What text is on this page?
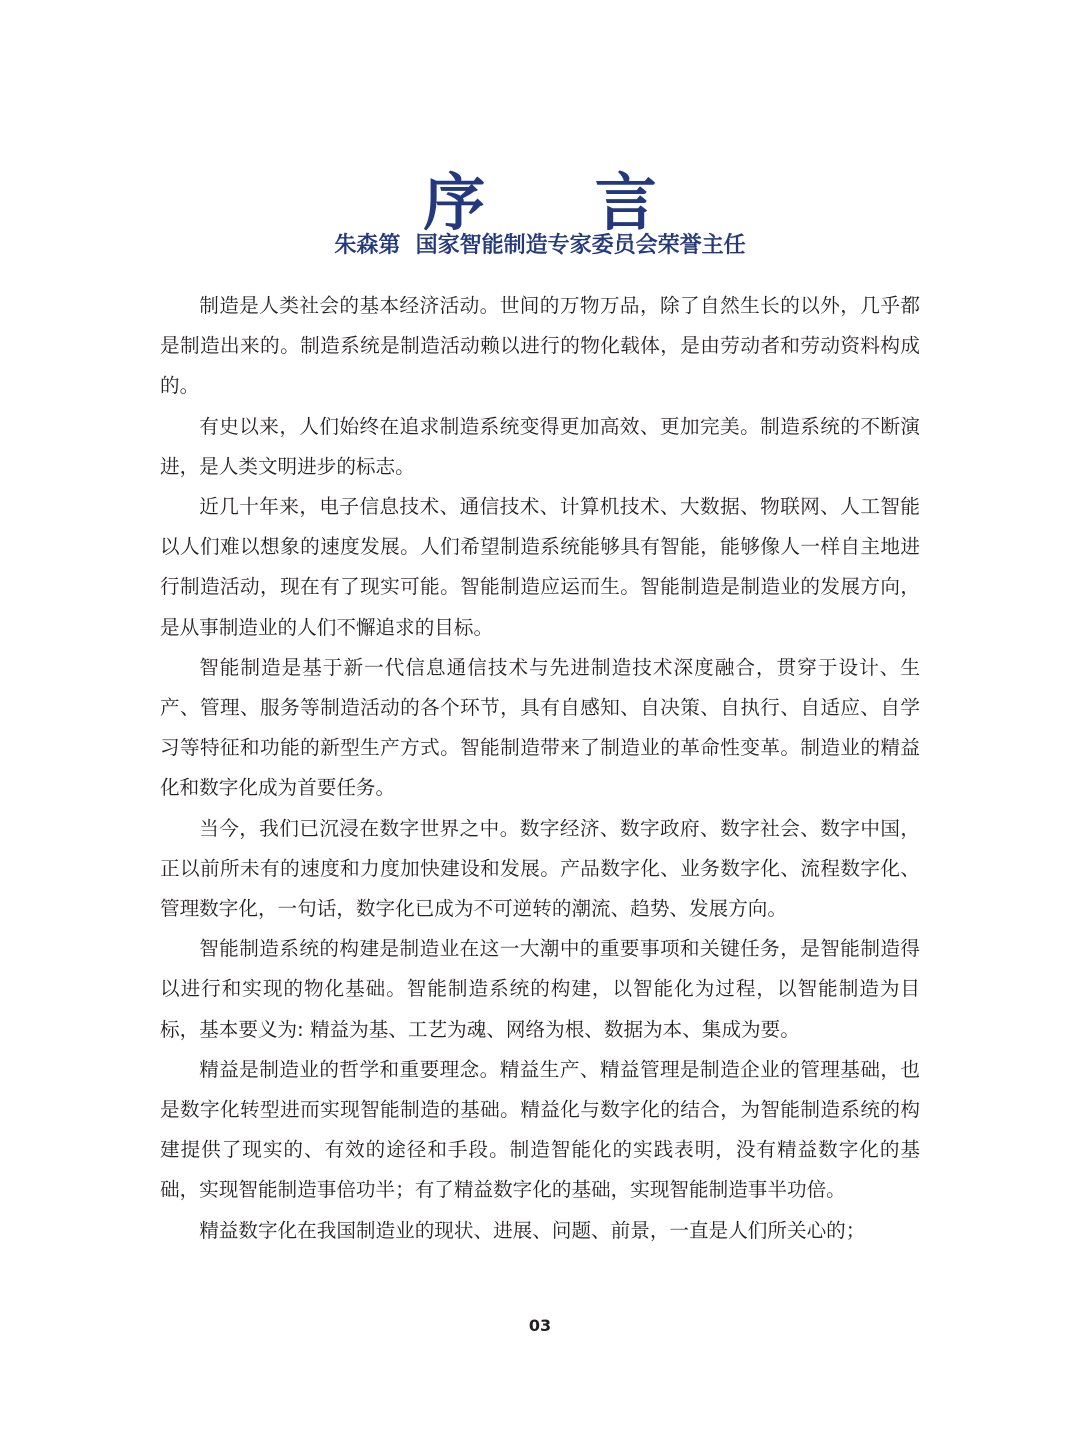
序 言
朱森第  国家智能制造专家委员会荣誉主任

制造是人类社会的基本经济活动。世间的万物万品，除了自然生长的以外，几乎都是制造出来的。制造系统是制造活动赖以进行的物化载体，是由劳动者和劳动资料构成的。

有史以来，人们始终在追求制造系统变得更加高效、更加完美。制造系统的不断演进，是人类文明进步的标志。

近几十年来，电子信息技术、通信技术、计算机技术、大数据、物联网、人工智能以人们难以想象的速度发展。人们希望制造系统能够具有智能，能够像人一样自主地进行制造活动，现在有了现实可能。智能制造应运而生。智能制造是制造业的发展方向，是从事制造业的人们不懈追求的目标。

智能制造是基于新一代信息通信技术与先进制造技术深度融合，贯穿于设计、生产、管理、服务等制造活动的各个环节，具有自感知、自决策、自执行、自适应、自学习等特征和功能的新型生产方式。智能制造带来了制造业的革命性变革。制造业的精益化和数字化成为首要任务。

当今，我们已沉浸在数字世界之中。数字经济、数字政府、数字社会、数字中国，正以前所未有的速度和力度加快建设和发展。产品数字化、业务数字化、流程数字化、管理数字化，一句话，数字化已成为不可逆转的潮流、趋势、发展方向。

智能制造系统的构建是制造业在这一大潮中的重要事项和关键任务，是智能制造得以进行和实现的物化基础。智能制造系统的构建，以智能化为过程，以智能制造为目标，基本要义为: 精益为基、工艺为魂、网络为根、数据为本、集成为要。

精益是制造业的哲学和重要理念。精益生产、精益管理是制造企业的管理基础，也是数字化转型进而实现智能制造的基础。精益化与数字化的结合，为智能制造系统的构建提供了现实的、有效的途径和手段。制造智能化的实践表明，没有精益数字化的基础，实现智能制造事倍功半；有了精益数字化的基础，实现智能制造事半功倍。

精益数字化在我国制造业的现状、进展、问题、前景，一直是人们所关心的；

03
